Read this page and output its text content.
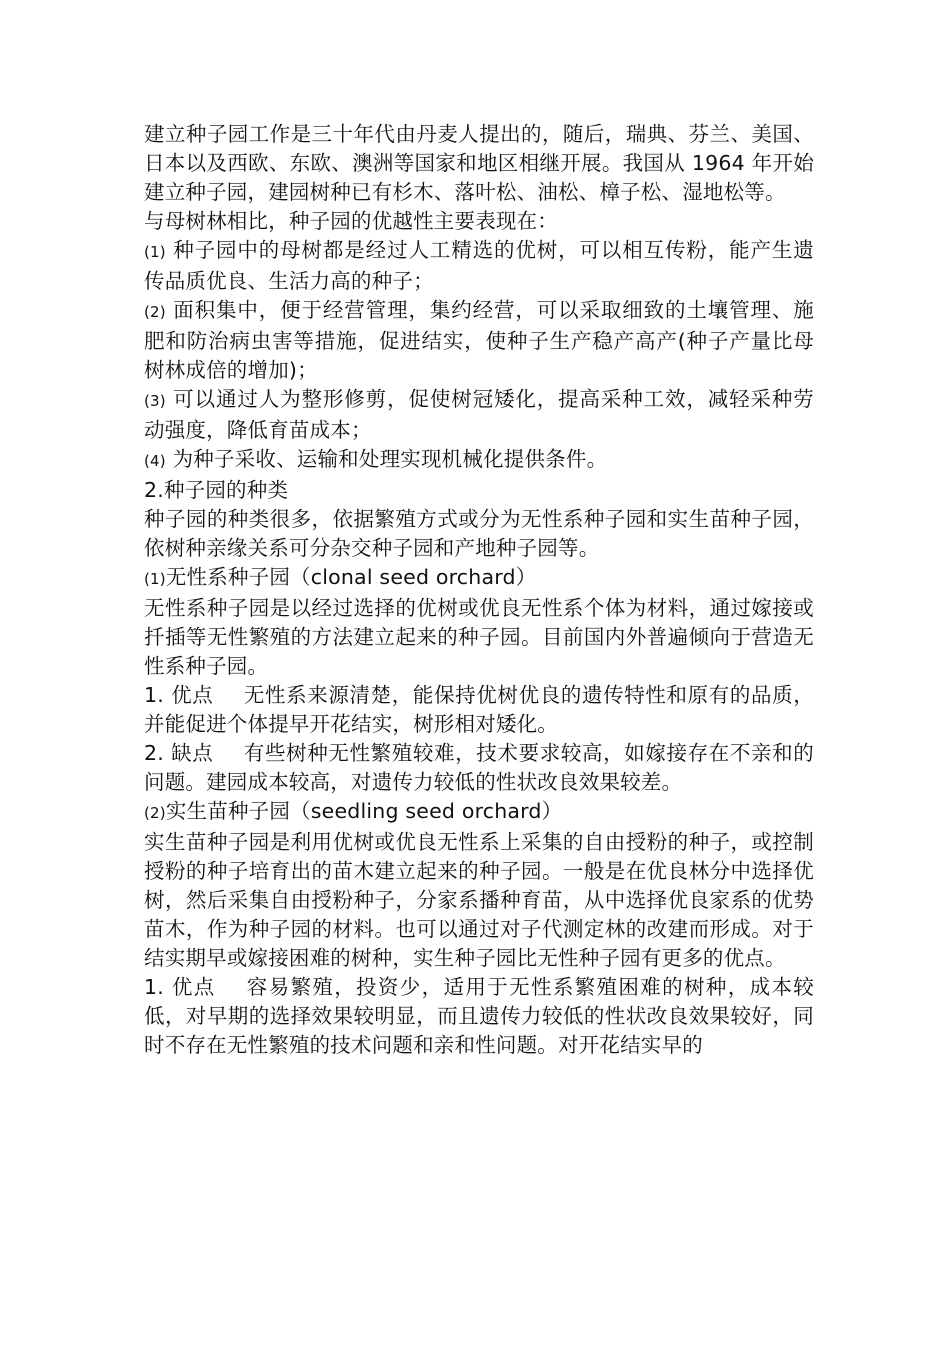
建立种子园工作是三十年代由丹麦人提出的，随后，瑞典、芬兰、美国、日本以及西欧、东欧、澳洲等国家和地区相继开展。我国从 1964 年开始建立种子园，建园树种已有杉木、落叶松、油松、樟子松、湿地松等。

与母树林相比，种子园的优越性主要表现在：

(1) 种子园中的母树都是经过人工精选的优树，可以相互传粉，能产生遗传品质优良、生活力高的种子；

(2) 面积集中，便于经营管理，集约经营，可以采取细致的土壤管理、施肥和防治病虫害等措施，促进结实，使种子生产稳产高产(种子产量比母树林成倍的增加)；

(3) 可以通过人为整形修剪，促使树冠矮化，提高采种工效，减轻采种劳动强度，降低育苗成本；

(4) 为种子采收、运输和处理实现机械化提供条件。

2.种子园的种类

种子园的种类很多，依据繁殖方式或分为无性系种子园和实生苗种子园，依树种亲缘关系可分杂交种子园和产地种子园等。

(1)无性系种子园（clonal seed orchard）

无性系种子园是以经过选择的优树或优良无性系个体为材料，通过嫁接或扦插等无性繁殖的方法建立起来的种子园。目前国内外普遍倾向于营造无性系种子园。

1. 优点 无性系来源清楚，能保持优树优良的遗传特性和原有的品质，并能促进个体提早开花结实，树形相对矮化。

2. 缺点 有些树种无性繁殖较难，技术要求较高，如嫁接存在不亲和的问题。建园成本较高，对遗传力较低的性状改良效果较差。

(2)实生苗种子园（seedling seed orchard）

实生苗种子园是利用优树或优良无性系上采集的自由授粉的种子，或控制授粉的种子培育出的苗木建立起来的种子园。一般是在优良林分中选择优树，然后采集自由授粉种子，分家系播种育苗，从中选择优良家系的优势苗木，作为种子园的材料。也可以通过对子代测定林的改建而形成。对于结实期早或嫁接困难的树种，实生种子园比无性种子园有更多的优点。

1. 优点 容易繁殖，投资少，适用于无性系繁殖困难的树种，成本较低，对早期的选择效果较明显，而且遗传力较低的性状改良效果较好，同时不存在无性繁殖的技术问题和亲和性问题。对开花结实早的
